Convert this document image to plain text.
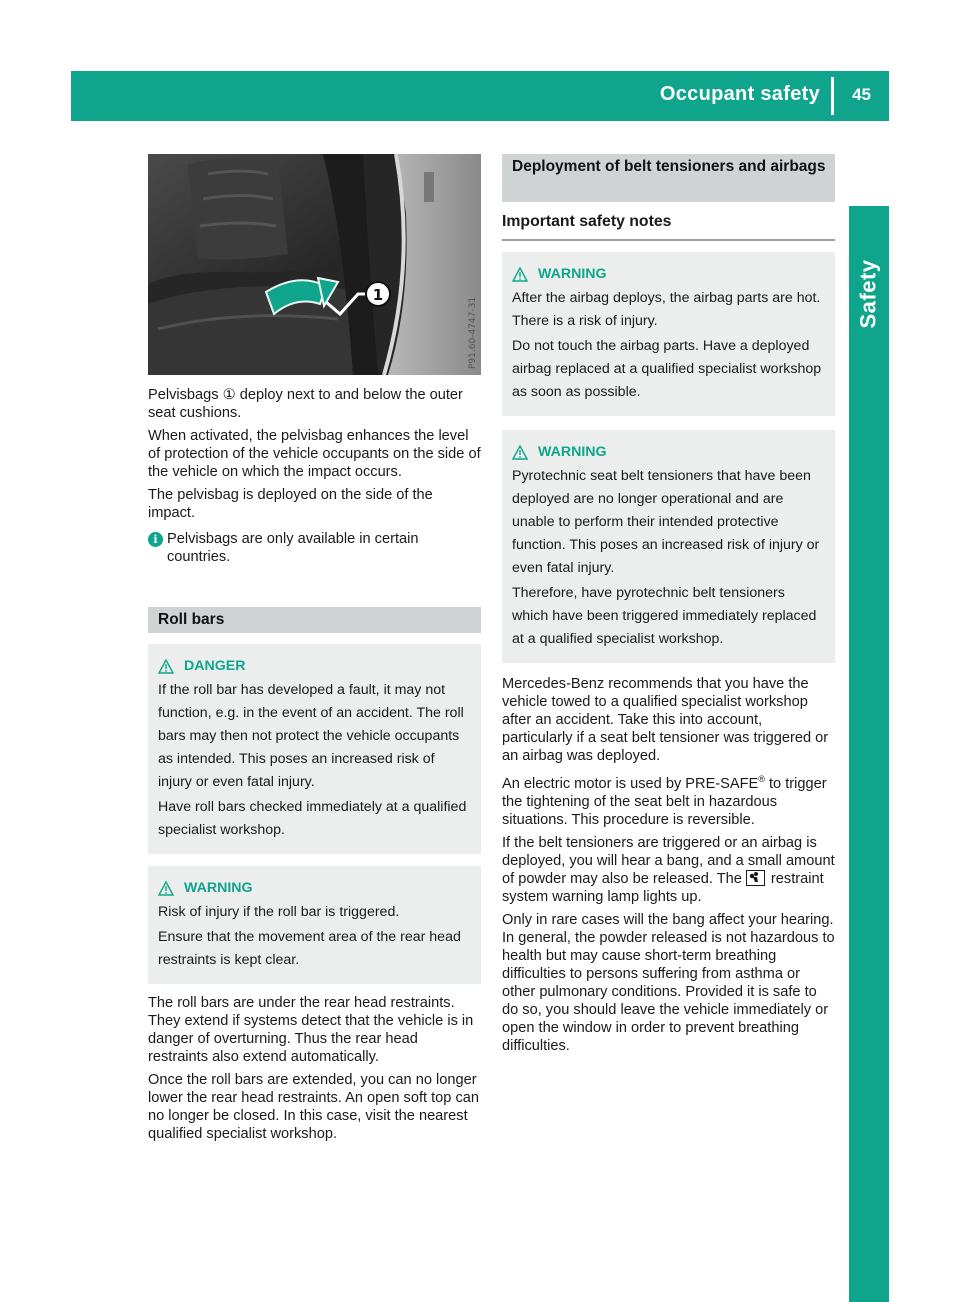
Occupant safety 45
Safety
1
P91.60-4747-31

Pelvisbags ① deploy next to and below the outer seat cushions.

When activated, the pelvisbag enhances the level of protection of the vehicle occupants on the side of the vehicle on which the impact occurs.

The pelvisbag is deployed on the side of the impact.

i Pelvisbags are only available in certain countries.
Roll bars
DANGER

If the roll bar has developed a fault, it may not function, e.g. in the event of an accident. The roll bars may then not protect the vehicle occupants as intended. This poses an increased risk of injury or even fatal injury.

Have roll bars checked immediately at a qualified specialist workshop.

WARNING

Risk of injury if the roll bar is triggered.

Ensure that the movement area of the rear head restraints is kept clear.

The roll bars are under the rear head restraints. They extend if systems detect that the vehicle is in danger of overturning. Thus the rear head restraints also extend automatically.

Once the roll bars are extended, you can no longer lower the rear head restraints. An open soft top can no longer be closed. In this case, visit the nearest qualified specialist workshop.

Deployment of belt tensioners and airbags
Important safety notes
WARNING

After the airbag deploys, the airbag parts are hot. There is a risk of injury.

Do not touch the airbag parts. Have a deployed airbag replaced at a qualified specialist workshop as soon as possible.

WARNING

Pyrotechnic seat belt tensioners that have been deployed are no longer operational and are unable to perform their intended protective function. This poses an increased risk of injury or even fatal injury.

Therefore, have pyrotechnic belt tensioners which have been triggered immediately replaced at a qualified specialist workshop.

Mercedes-Benz recommends that you have the vehicle towed to a qualified specialist workshop after an accident. Take this into account, particularly if a seat belt tensioner was triggered or an airbag was deployed.

An electric motor is used by PRE-SAFE® to trigger the tightening of the seat belt in hazardous situations. This procedure is reversible.

If the belt tensioners are triggered or an airbag is deployed, you will hear a bang, and a small amount of powder may also be released. The restraint system warning lamp lights up.

Only in rare cases will the bang affect your hearing. In general, the powder released is not hazardous to health but may cause short-term breathing difficulties to persons suffering from asthma or other pulmonary conditions. Provided it is safe to do so, you should leave the vehicle immediately or open the window in order to prevent breathing difficulties.
